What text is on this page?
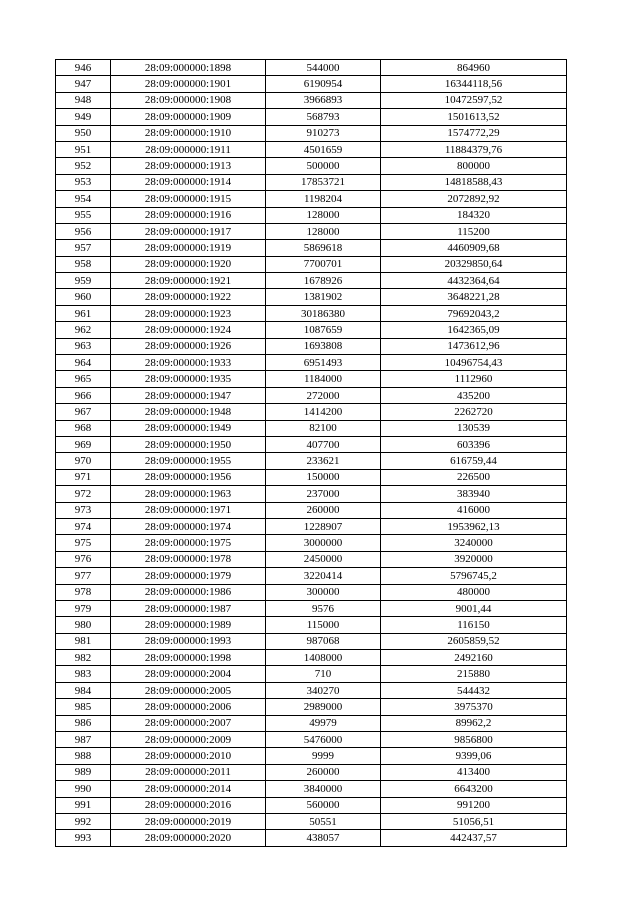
946	28:09:000000:1898	544000	864960
947	28:09:000000:1901	6190954	16344118,56
948	28:09:000000:1908	3966893	10472597,52
949	28:09:000000:1909	568793	1501613,52
950	28:09:000000:1910	910273	1574772,29
951	28:09:000000:1911	4501659	11884379,76
952	28:09:000000:1913	500000	800000
953	28:09:000000:1914	17853721	14818588,43
954	28:09:000000:1915	1198204	2072892,92
955	28:09:000000:1916	128000	184320
956	28:09:000000:1917	128000	115200
957	28:09:000000:1919	5869618	4460909,68
958	28:09:000000:1920	7700701	20329850,64
959	28:09:000000:1921	1678926	4432364,64
960	28:09:000000:1922	1381902	3648221,28
961	28:09:000000:1923	30186380	79692043,2
962	28:09:000000:1924	1087659	1642365,09
963	28:09:000000:1926	1693808	1473612,96
964	28:09:000000:1933	6951493	10496754,43
965	28:09:000000:1935	1184000	1112960
966	28:09:000000:1947	272000	435200
967	28:09:000000:1948	1414200	2262720
968	28:09:000000:1949	82100	130539
969	28:09:000000:1950	407700	603396
970	28:09:000000:1955	233621	616759,44
971	28:09:000000:1956	150000	226500
972	28:09:000000:1963	237000	383940
973	28:09:000000:1971	260000	416000
974	28:09:000000:1974	1228907	1953962,13
975	28:09:000000:1975	3000000	3240000
976	28:09:000000:1978	2450000	3920000
977	28:09:000000:1979	3220414	5796745,2
978	28:09:000000:1986	300000	480000
979	28:09:000000:1987	9576	9001,44
980	28:09:000000:1989	115000	116150
981	28:09:000000:1993	987068	2605859,52
982	28:09:000000:1998	1408000	2492160
983	28:09:000000:2004	710	215880
984	28:09:000000:2005	340270	544432
985	28:09:000000:2006	2989000	3975370
986	28:09:000000:2007	49979	89962,2
987	28:09:000000:2009	5476000	9856800
988	28:09:000000:2010	9999	9399,06
989	28:09:000000:2011	260000	413400
990	28:09:000000:2014	3840000	6643200
991	28:09:000000:2016	560000	991200
992	28:09:000000:2019	50551	51056,51
993	28:09:000000:2020	438057	442437,57
